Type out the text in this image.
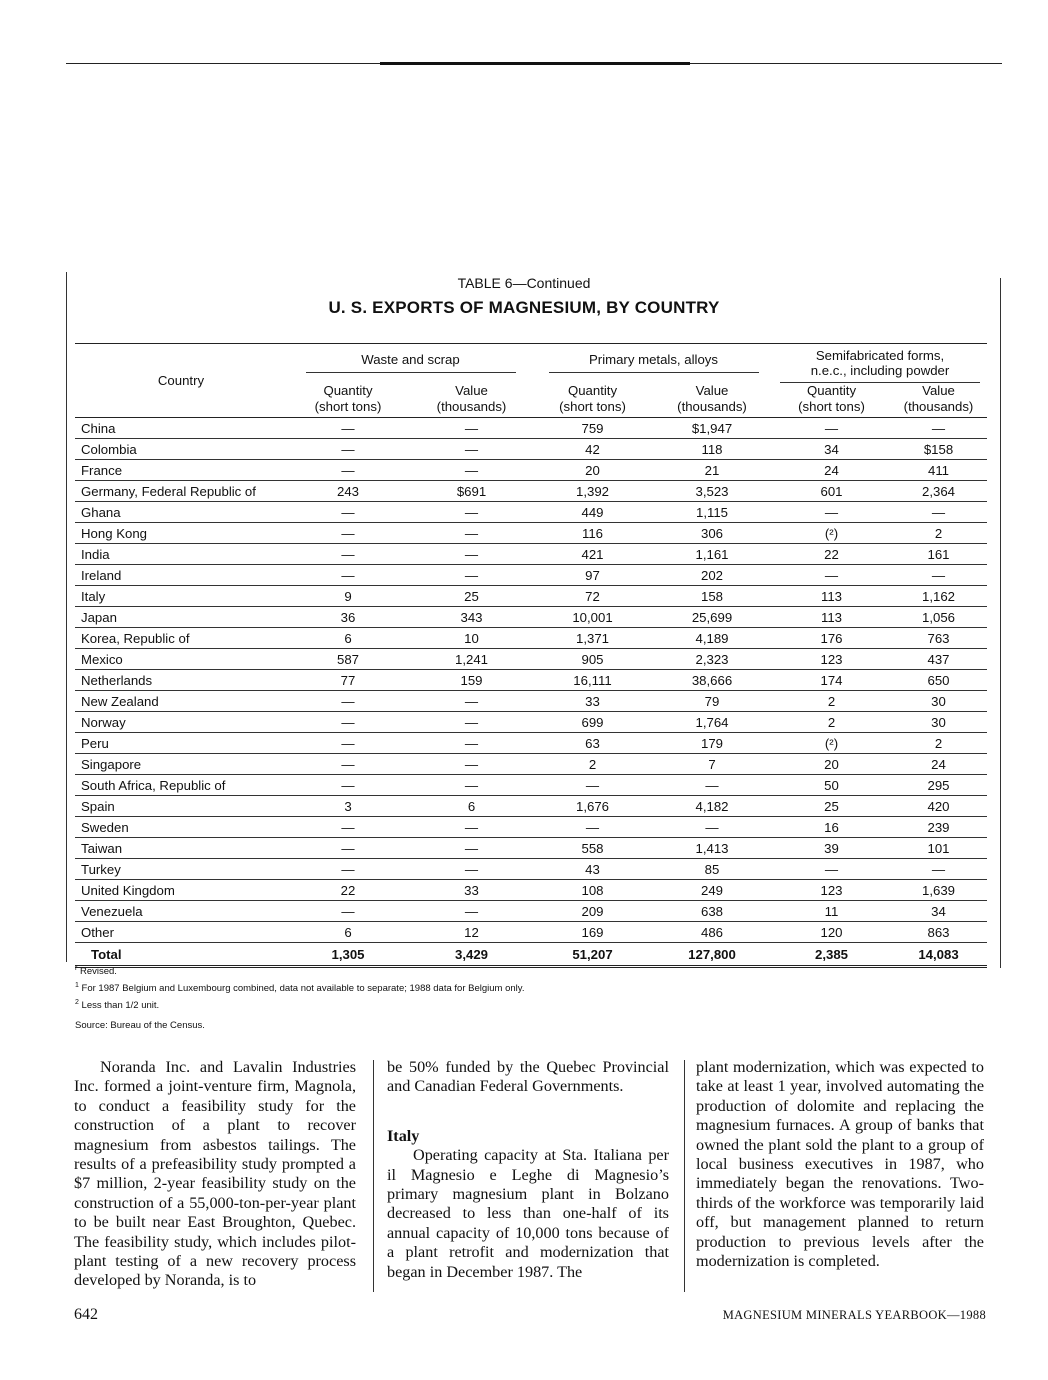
TABLE 6—Continued
U. S. EXPORTS OF MAGNESIUM, BY COUNTRY
Country	Waste and scrap		Primary metals, alloys		Semifabricated forms,
n.e.c., including powder	
	Quantity
(short tons)	Value
(thousands)	Quantity
(short tons)	Value
(thousands)	Quantity
(short tons)	Value
(thousands)
China	—	—	759	$1,947	—	—
Colombia	—	—	42	118	34	$158
France	—	—	20	21	24	411
Germany, Federal Republic of	243	$691	1,392	3,523	601	2,364
Ghana	—	—	449	1,115	—	—
Hong Kong	—	—	116	306	(²)	2
India	—	—	421	1,161	22	161
Ireland	—	—	97	202	—	—
Italy	9	25	72	158	113	1,162
Japan	36	343	10,001	25,699	113	1,056
Korea, Republic of	6	10	1,371	4,189	176	763
Mexico	587	1,241	905	2,323	123	437
Netherlands	77	159	16,111	38,666	174	650
New Zealand	—	—	33	79	2	30
Norway	—	—	699	1,764	2	30
Peru	—	—	63	179	(²)	2
Singapore	—	—	2	7	20	24
South Africa, Republic of	—	—	—	—	50	295
Spain	3	6	1,676	4,182	25	420
Sweden	—	—	—	—	16	239
Taiwan	—	—	558	1,413	39	101
Turkey	—	—	43	85	—	—
United Kingdom	22	33	108	249	123	1,639
Venezuela	—	—	209	638	11	34
Other	6	12	169	486	120	863
Total	1,305	3,429	51,207	127,800	2,385	14,083
$^r$ Revised.
$^1$ For 1987 Belgium and Luxembourg combined, data not available to separate; 1988 data for Belgium only.
$^2$ Less than 1/2 unit.
Source: Bureau of the Census.

Noranda Inc. and Lavalin Industries Inc. formed a joint-venture firm, Magnola, to conduct a feasibility study for the construction of a plant to recover magnesium from asbestos tailings. The results of a prefeasibility study prompted a $7 million, 2-year feasibility study on the construction of a 55,000-ton-per-year plant to be built near East Broughton, Quebec. The feasibility study, which includes pilot-plant testing of a new recovery process developed by Noranda, is to

be 50% funded by the Quebec Provincial and Canadian Federal Governments.

Italy

Operating capacity at Sta. Italiana per il Magnesio e Leghe di Magnesio’s primary magnesium plant in Bolzano decreased to less than one-half of its annual capacity of 10,000 tons because of a plant retrofit and modernization that began in December 1987. The

plant modernization, which was expected to take at least 1 year, involved automating the production of dolomite and replacing the magnesium furnaces. A group of banks that owned the plant sold the plant to a group of local business executives in 1987, who immediately began the renovations. Two-thirds of the workforce was temporarily laid off, but management planned to return production to previous levels after the modernization is completed.

642	MAGNESIUM MINERALS YEARBOOK—1988
